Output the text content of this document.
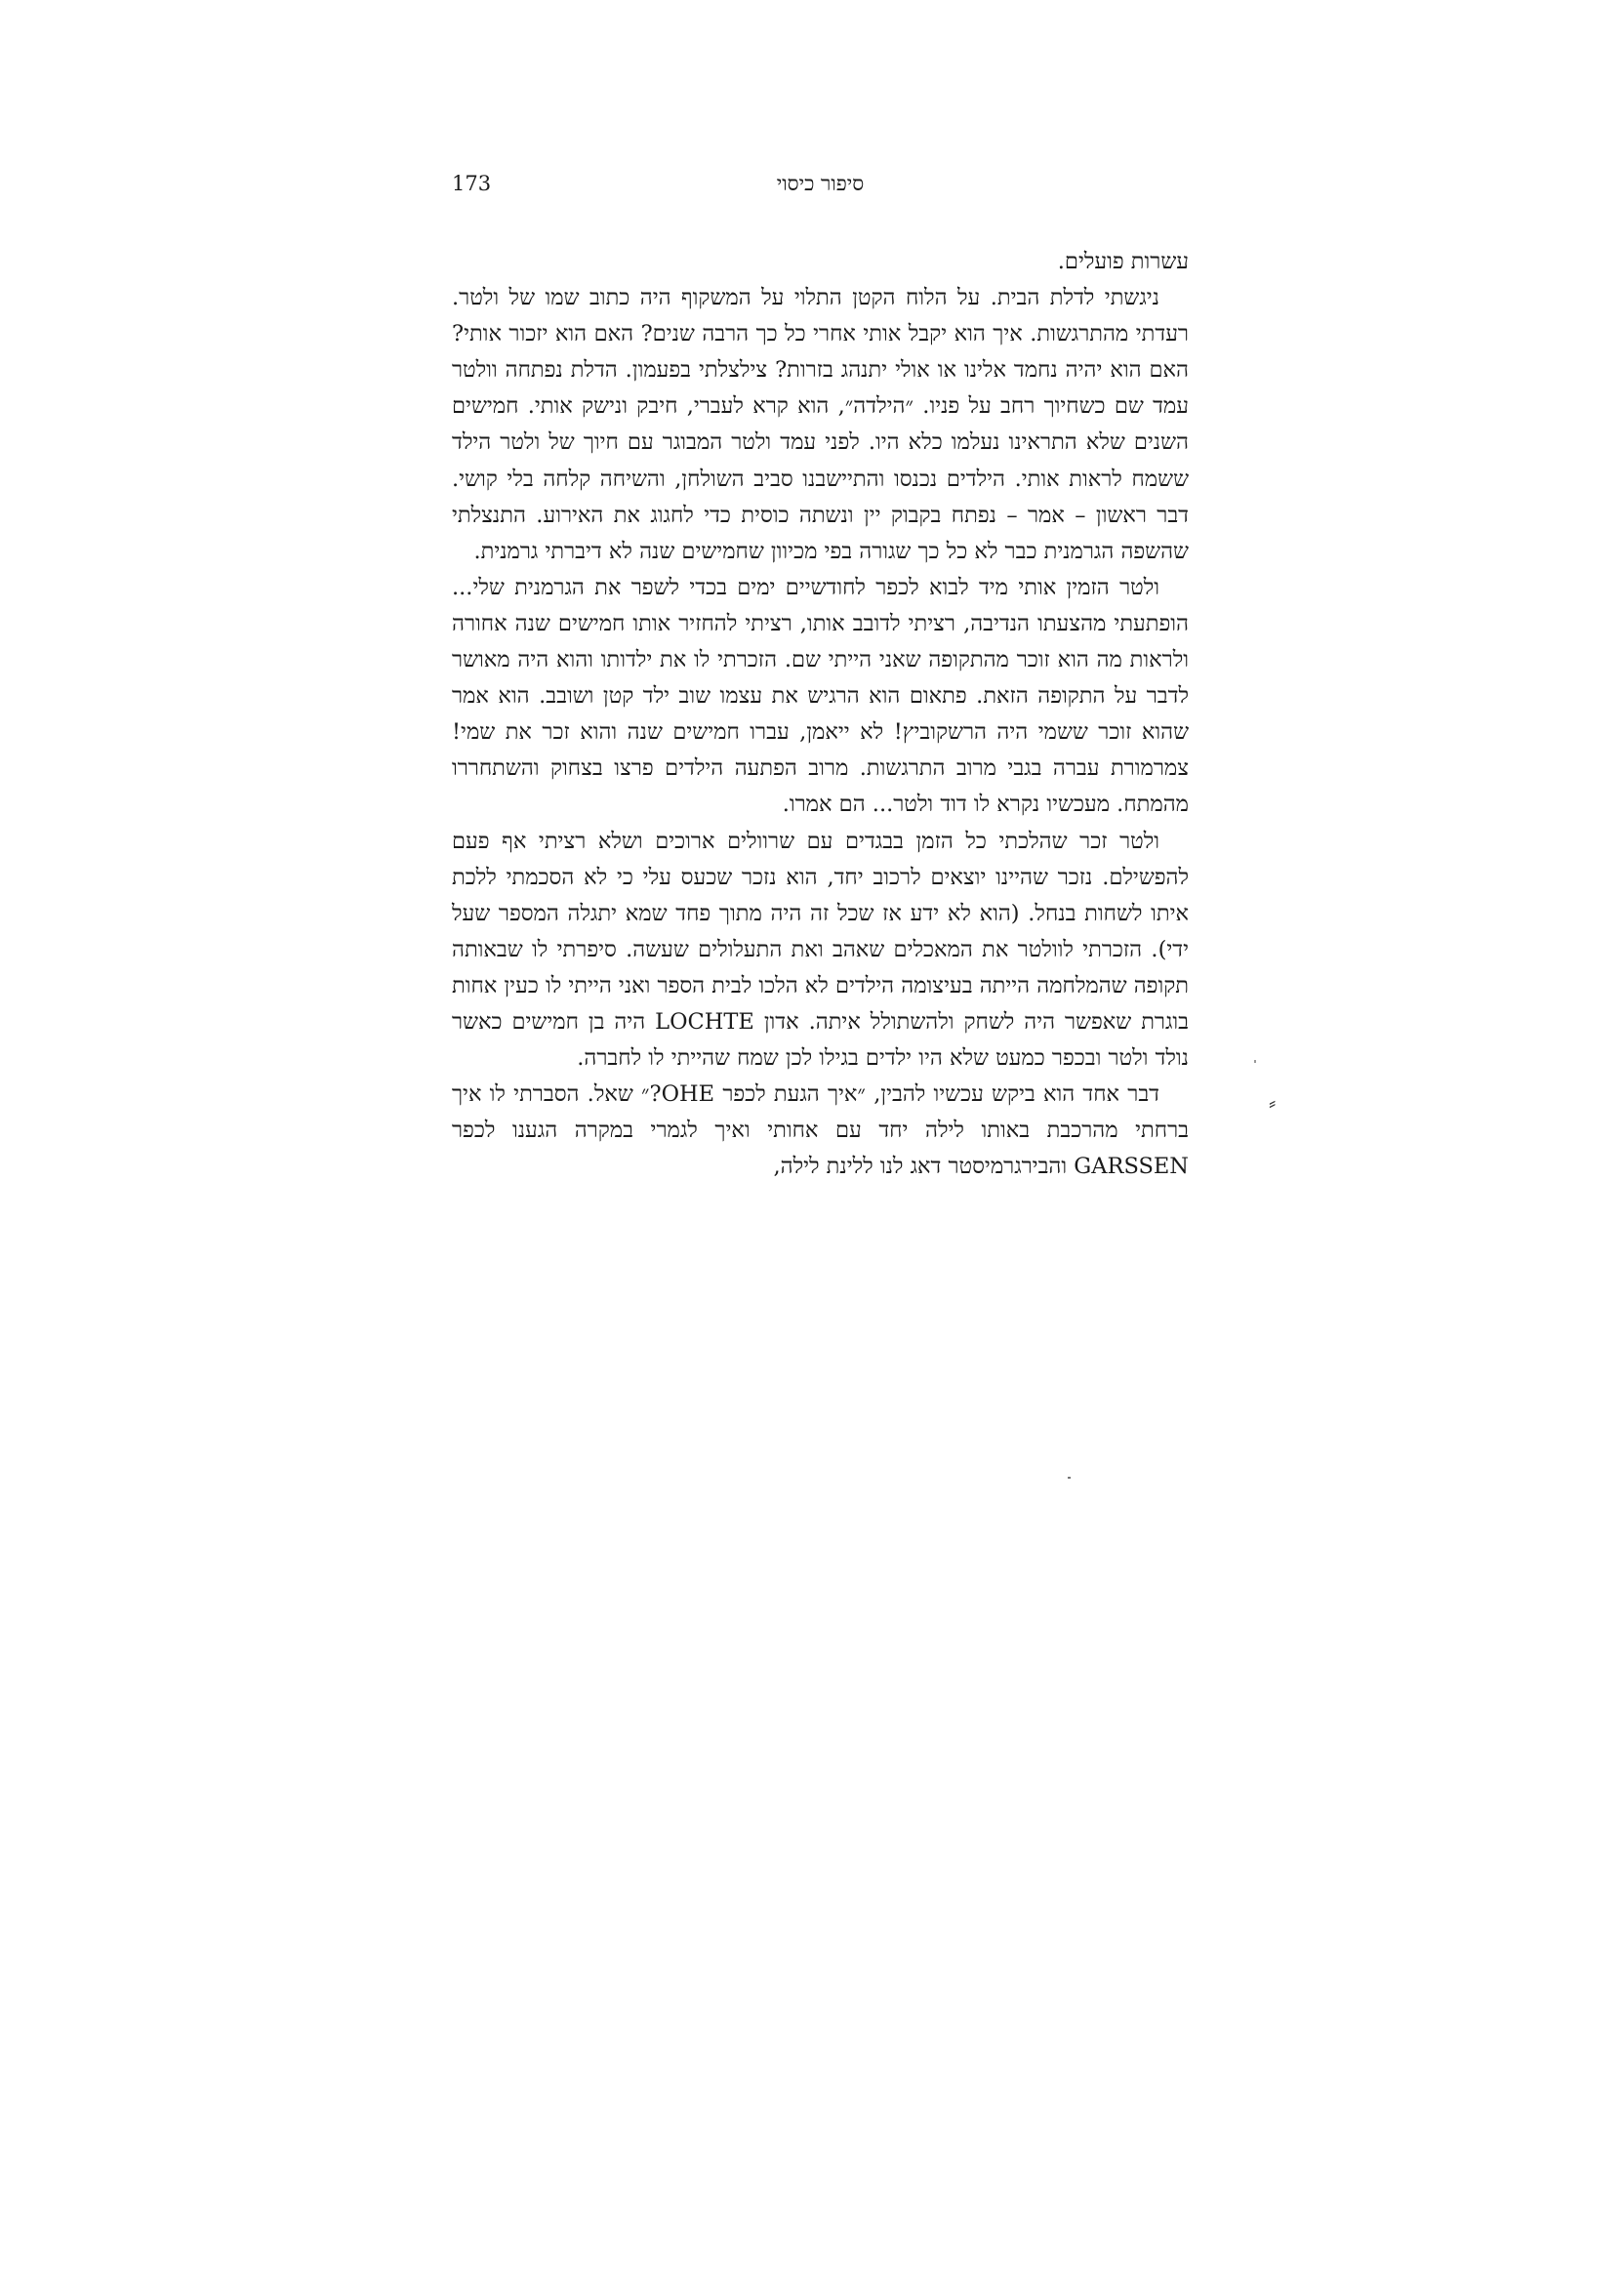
173	סיפור כיסוי

עשרות פועלים.

ניגשתי לדלת הבית. על הלוח הקטן התלוי על המשקוף היה כתוב שמו של ולטר. רעדתי מהתרגשות. איך הוא יקבל אותי אחרי כל כך הרבה שנים? האם הוא יזכור אותי? האם הוא יהיה נחמד אלינו או אולי יתנהג בזרות? צילצלתי בפעמון. הדלת נפתחה וולטר עמד שם כשחיוך רחב על פניו. ״הילדה״, הוא קרא לעברי, חיבק ונישק אותי. חמישים השנים שלא התראינו נעלמו כלא היו. לפני עמד ולטר המבוגר עם חיוך של ולטר הילד ששמח לראות אותי. הילדים נכנסו והתיישבנו סביב השולחן, והשיחה קלחה בלי קושי. דבר ראשון – אמר – נפתח בקבוק יין ונשתה כוסית כדי לחגוג את האירוע. התנצלתי שהשפה הגרמנית כבר לא כל כך שגורה בפי מכיוון שחמישים שנה לא דיברתי גרמנית.

ולטר הזמין אותי מיד לבוא לכפר לחודשיים ימים בכדי לשפר את הגרמנית שלי... הופתעתי מהצעתו הנדיבה, רציתי לדובב אותו, רציתי להחזיר אותו חמישים שנה אחורה ולראות מה הוא זוכר מהתקופה שאני הייתי שם. הזכרתי לו את ילדותו והוא היה מאושר לדבר על התקופה הזאת. פתאום הוא הרגיש את עצמו שוב ילד קטן ושובב. הוא אמר שהוא זוכר ששמי היה הרשקוביץ! לא ייאמן, עברו חמישים שנה והוא זכר את שמי! צמרמורת עברה בגבי מרוב התרגשות. מרוב הפתעה הילדים פרצו בצחוק והשתחררו מהמתח. מעכשיו נקרא לו דוד ולטר... הם אמרו.

ולטר זכר שהלכתי כל הזמן בבגדים עם שרוולים ארוכים ושלא רציתי אף פעם להפשילם. נזכר שהיינו יוצאים לרכוב יחד, הוא נזכר שכעס עלי כי לא הסכמתי ללכת איתו לשחות בנחל. (הוא לא ידע אז שכל זה היה מתוך פחד שמא יתגלה המספר שעל ידי). הזכרתי לוולטר את המאכלים שאהב ואת התעלולים שעשה. סיפרתי לו שבאותה תקופה שהמלחמה הייתה בעיצומה הילדים לא הלכו לבית הספר ואני הייתי לו כעין אחות בוגרת שאפשר היה לשחק ולהשתולל איתה. אדון LOCHTE היה בן חמישים כאשר נולד ולטר ובכפר כמעט שלא היו ילדים בגילו לכן שמח שהייתי לו לחברה.

דבר אחד הוא ביקש עכשיו להבין, ״איך הגעת לכפר OHE?״ שאל. הסברתי לו איך ברחתי מהרכבת באותו לילה יחד עם אחותי ואיך לגמרי במקרה הגענו לכפר GARSSEN והבירגרמיסטר דאג לנו ללינת לילה,

⸗
